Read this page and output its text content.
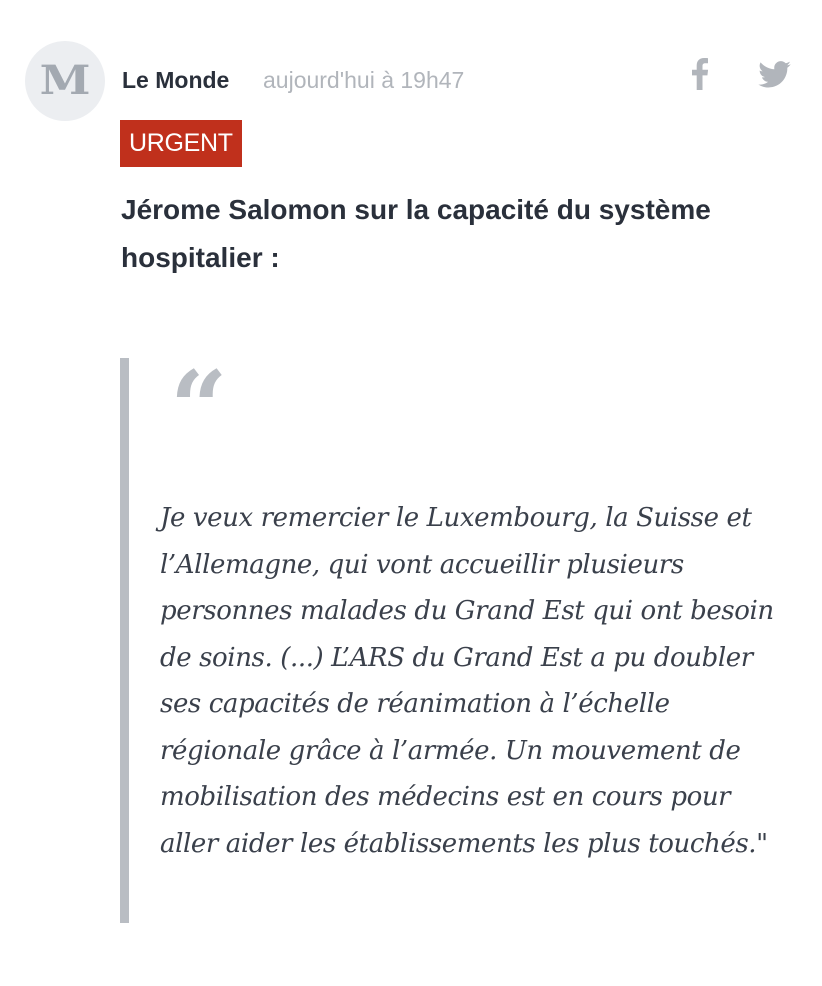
M Le Monde aujourd'hui à 19h47
URGENT
Jérome Salomon sur la capacité du système hospitalier :
“

Je veux remercier le Luxembourg, la Suisse et l’Allemagne, qui vont accueillir plusieurs personnes malades du Grand Est qui ont besoin de soins. (...) L’ARS du Grand Est a pu doubler ses capacités de réanimation à l’échelle régionale grâce à l’armée. Un mouvement de mobilisation des médecins est en cours pour aller aider les établissements les plus touchés."
